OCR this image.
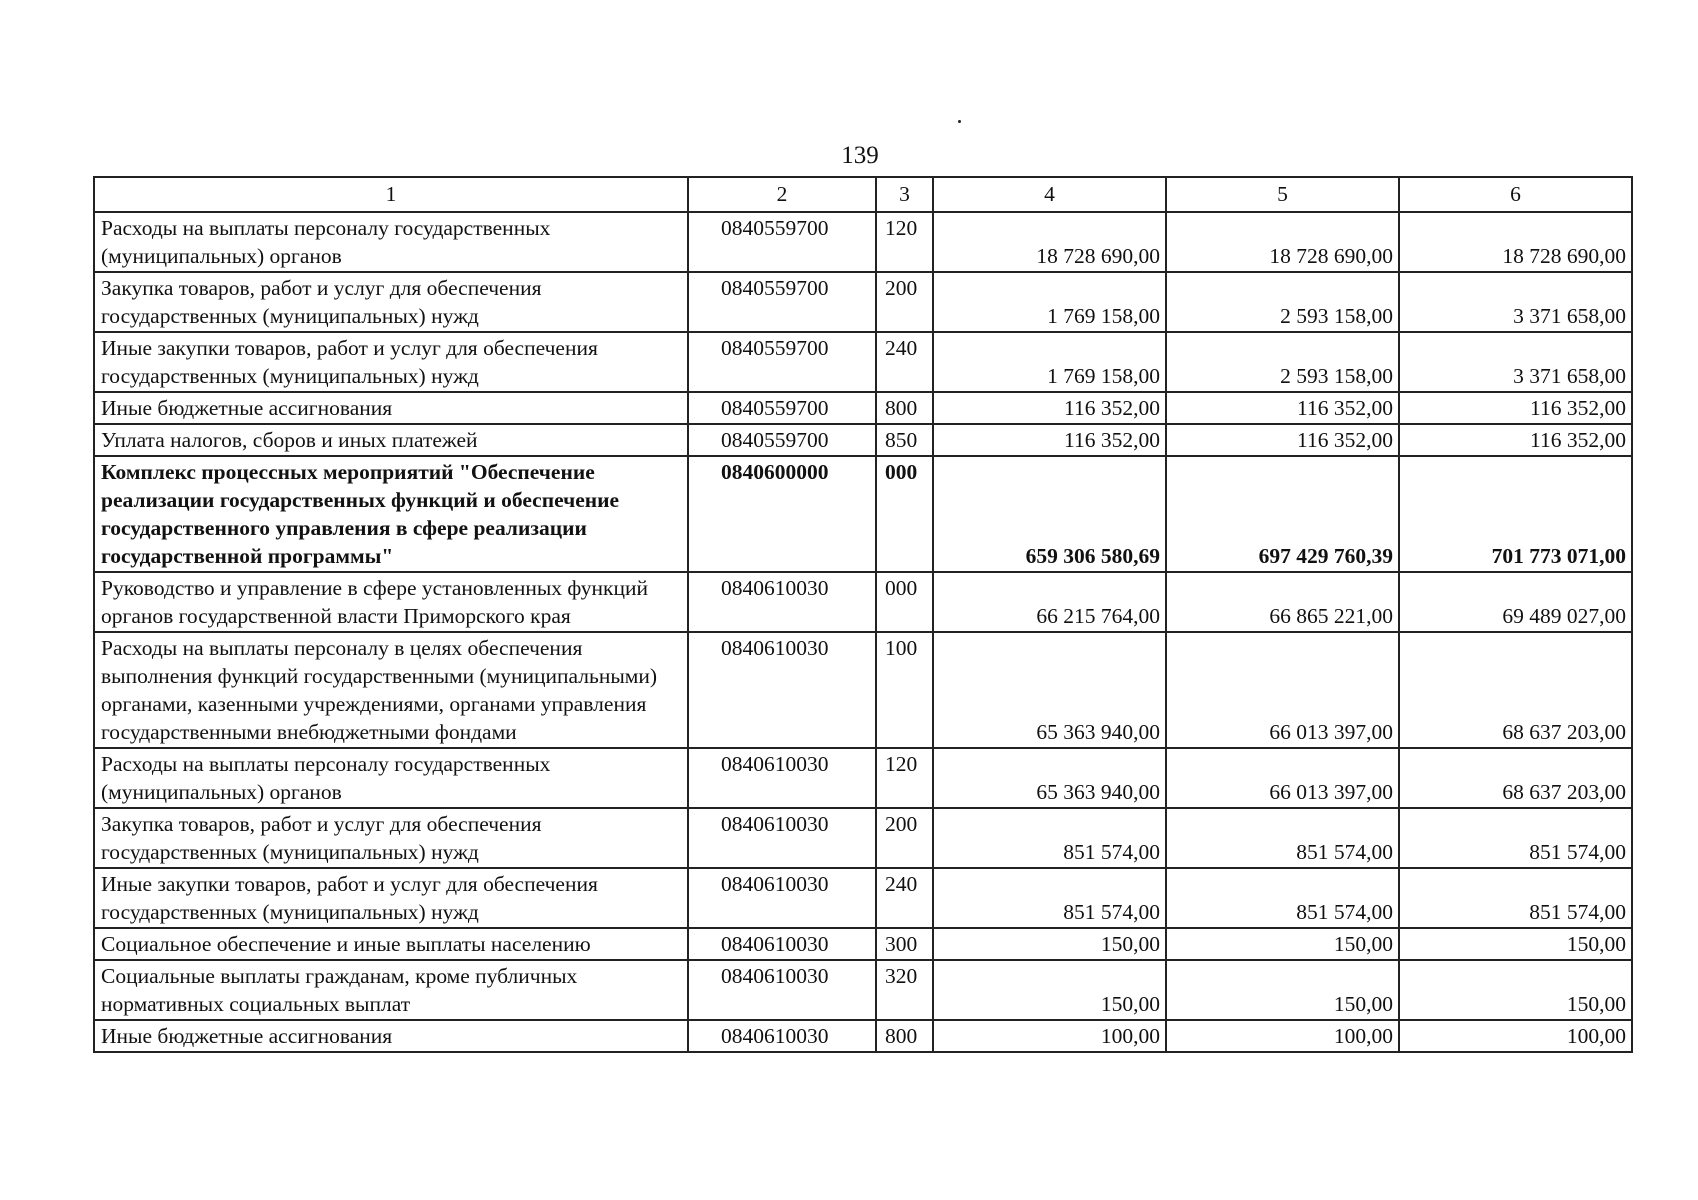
139
1	2	3	4	5	6
Расходы на выплаты персоналу государственных (муниципальных) органов	0840559700	120	18 728 690,00	18 728 690,00	18 728 690,00
Закупка товаров, работ и услуг для обеспечения государственных (муниципальных) нужд	0840559700	200	1 769 158,00	2 593 158,00	3 371 658,00
Иные закупки товаров, работ и услуг для обеспечения государственных (муниципальных) нужд	0840559700	240	1 769 158,00	2 593 158,00	3 371 658,00
Иные бюджетные ассигнования	0840559700	800	116 352,00	116 352,00	116 352,00
Уплата налогов, сборов и иных платежей	0840559700	850	116 352,00	116 352,00	116 352,00
Комплекс процессных мероприятий "Обеспечение реализации государственных функций и обеспечение государственного управления в сфере реализации государственной программы"	0840600000	000	659 306 580,69	697 429 760,39	701 773 071,00
Руководство и управление в сфере установленных функций органов государственной власти Приморского края	0840610030	000	66 215 764,00	66 865 221,00	69 489 027,00
Расходы на выплаты персоналу в целях обеспечения выполнения функций государственными (муниципальными) органами, казенными учреждениями, органами управления государственными внебюджетными фондами	0840610030	100	65 363 940,00	66 013 397,00	68 637 203,00
Расходы на выплаты персоналу государственных (муниципальных) органов	0840610030	120	65 363 940,00	66 013 397,00	68 637 203,00
Закупка товаров, работ и услуг для обеспечения государственных (муниципальных) нужд	0840610030	200	851 574,00	851 574,00	851 574,00
Иные закупки товаров, работ и услуг для обеспечения государственных (муниципальных) нужд	0840610030	240	851 574,00	851 574,00	851 574,00
Социальное обеспечение и иные выплаты населению	0840610030	300	150,00	150,00	150,00
Социальные выплаты гражданам, кроме публичных нормативных социальных выплат	0840610030	320	150,00	150,00	150,00
Иные бюджетные ассигнования	0840610030	800	100,00	100,00	100,00
